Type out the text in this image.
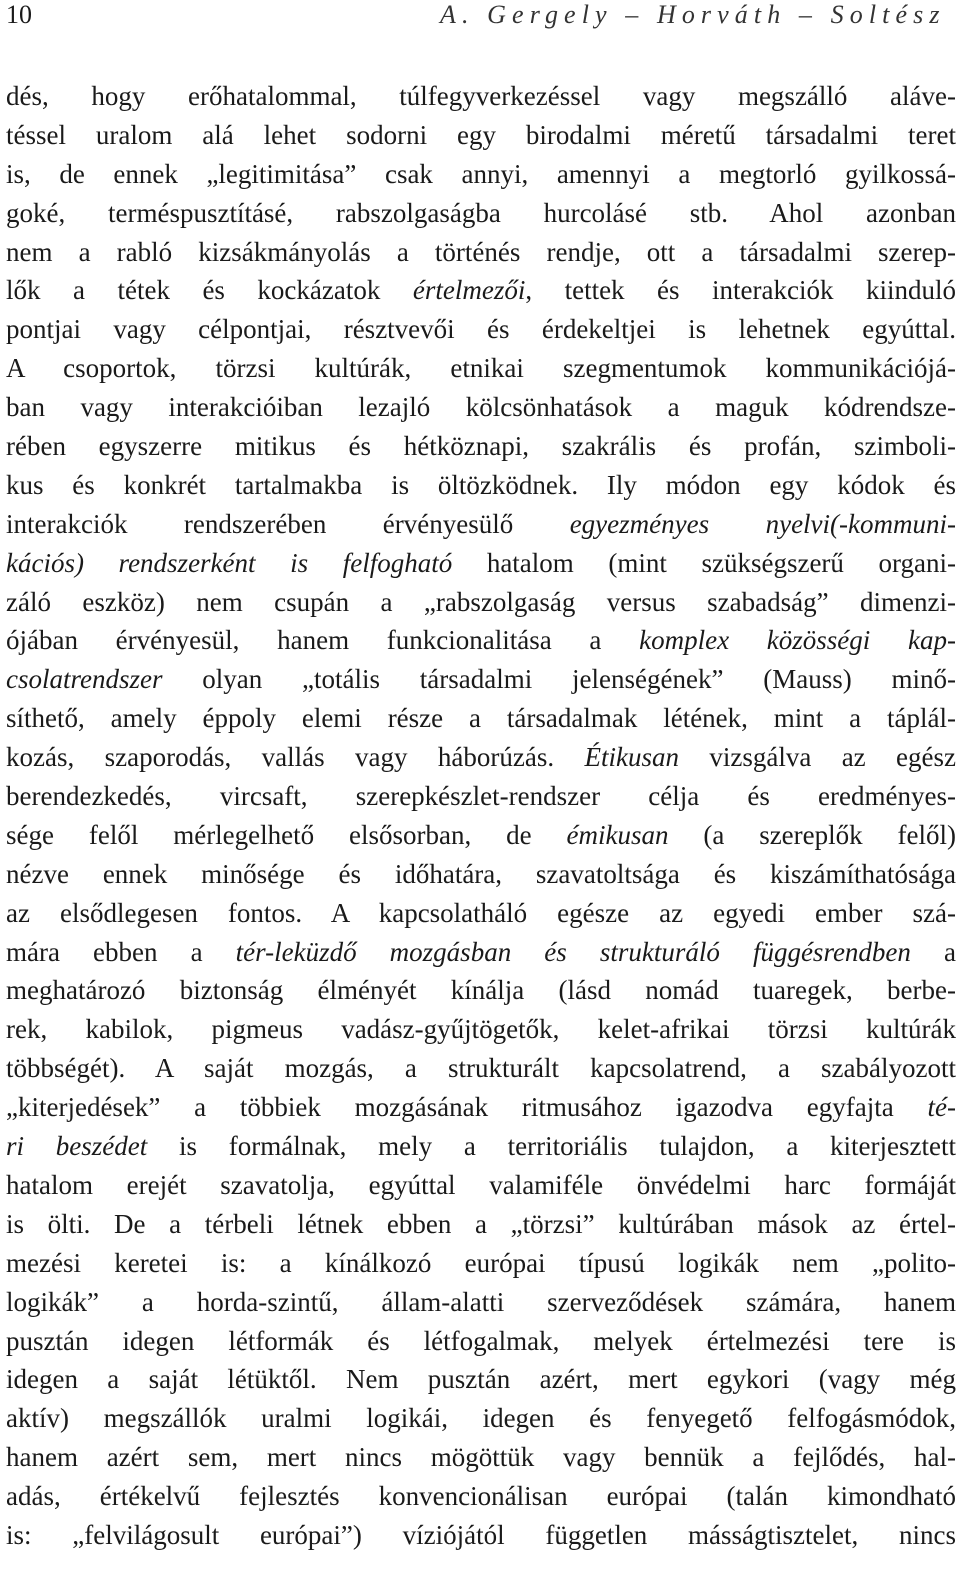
10	A. Gergely – Horváth – Soltész
dés, hogy erőhatalommal, túlfegyverkezéssel vagy megszálló aláve-
téssel uralom alá lehet sodorni egy birodalmi méretű társadalmi teret
is, de ennek „legitimitása” csak annyi, amennyi a megtorló gyilkossá-
goké, terméspusztításé, rabszolgaságba hurcolásé stb. Ahol azonban
nem a rabló kizsákmányolás a történés rendje, ott a társadalmi szerep-
lők a tétek és kockázatok értelmezői, tettek és interakciók kiinduló
pontjai vagy célpontjai, résztvevői és érdekeltjei is lehetnek egyúttal.
A csoportok, törzsi kultúrák, etnikai szegmentumok kommunikációjá-
ban vagy interakcióiban lezajló kölcsönhatások a maguk kódrendsze-
rében egyszerre mitikus és hétköznapi, szakrális és profán, szimboli-
kus és konkrét tartalmakba is öltözködnek. Ily módon egy kódok és
interakciók rendszerében érvényesülő egyezményes nyelvi(-kommuni-
kációs) rendszerként is felfogható hatalom (mint szükségszerű organi-
záló eszköz) nem csupán a „rabszolgaság versus szabadság” dimenzi-
ójában érvényesül, hanem funkcionalitása a komplex közösségi kap-
csolatrendszer olyan „totális társadalmi jelenségének” (Mauss) minő-
síthető, amely éppoly elemi része a társadalmak létének, mint a táplál-
kozás, szaporodás, vallás vagy háborúzás. Étikusan vizsgálva az egész
berendezkedés, vircsaft, szerepkészlet-rendszer célja és eredményes-
sége felől mérlegelhető elsősorban, de émikusan (a szereplők felől)
nézve ennek minősége és időhatára, szavatoltsága és kiszámíthatósága
az elsődlegesen fontos. A kapcsolatháló egésze az egyedi ember szá-
mára ebben a tér-leküzdő mozgásban és strukturáló függésrendben a
meghatározó biztonság élményét kínálja (lásd nomád tuaregek, berbe-
rek, kabilok, pigmeus vadász-gyűjtögetők, kelet-afrikai törzsi kultúrák
többségét). A saját mozgás, a strukturált kapcsolatrend, a szabályozott
„kiterjedések” a többiek mozgásának ritmusához igazodva egyfajta té-
ri beszédet is formálnak, mely a territoriális tulajdon, a kiterjesztett
hatalom erejét szavatolja, egyúttal valamiféle önvédelmi harc formáját
is ölti. De a térbeli létnek ebben a „törzsi” kultúrában mások az értel-
mezési keretei is: a kínálkozó európai típusú logikák nem „polito-
logikák” a horda-szintű, állam-alatti szerveződések számára, hanem
pusztán idegen létformák és létfogalmak, melyek értelmezési tere is
idegen a saját létüktől. Nem pusztán azért, mert egykori (vagy még
aktív) megszállók uralmi logikái, idegen és fenyegető felfogásmódok,
hanem azért sem, mert nincs mögöttük vagy bennük a fejlődés, hal-
adás, értékelvű fejlesztés konvencionálisan európai (talán kimondható
is: „felvilágosult európai”) víziójától független másságtisztelet, nincs
